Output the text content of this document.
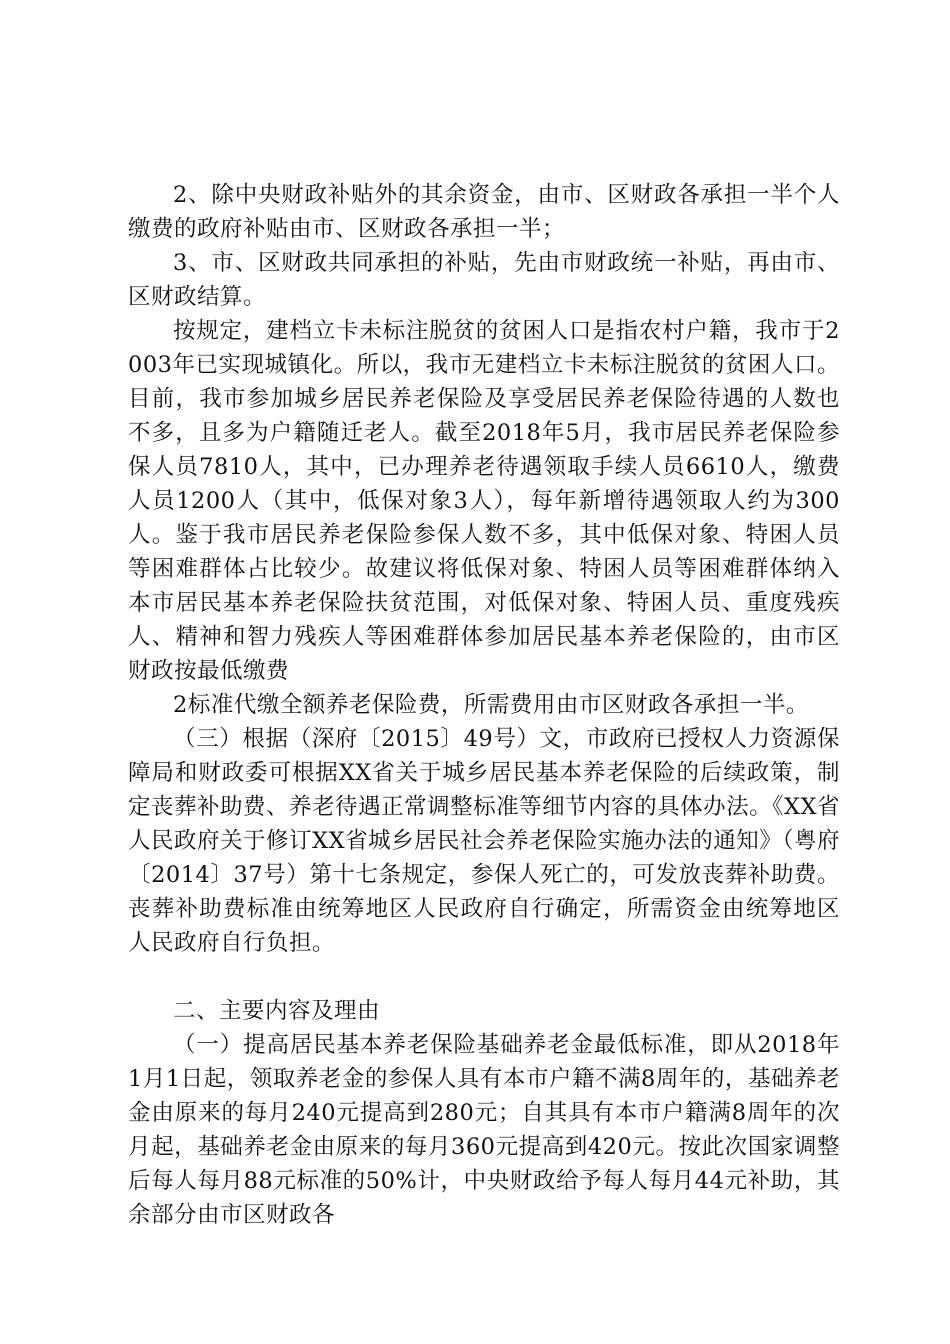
2、除中央财政补贴外的其余资金，由市、区财政各承担一半个人缴费的政府补贴由市、区财政各承担一半；

3、市、区财政共同承担的补贴，先由市财政统一补贴，再由市、区财政结算。

按规定，建档立卡未标注脱贫的贫困人口是指农村户籍，我市于2003年已实现城镇化。所以，我市无建档立卡未标注脱贫的贫困人口。目前，我市参加城乡居民养老保险及享受居民养老保险待遇的人数也不多，且多为户籍随迁老人。截至2018年5月，我市居民养老保险参保人员7810人，其中，已办理养老待遇领取手续人员6610人，缴费人员1200人（其中，低保对象3人），每年新增待遇领取人约为300人。鉴于我市居民养老保险参保人数不多，其中低保对象、特困人员等困难群体占比较少。故建议将低保对象、特困人员等困难群体纳入本市居民基本养老保险扶贫范围，对低保对象、特困人员、重度残疾人、精神和智力残疾人等困难群体参加居民基本养老保险的，由市区财政按最低缴费

2标准代缴全额养老保险费，所需费用由市区财政各承担一半。

（三）根据（深府〔2015〕49号）文，市政府已授权人力资源保障局和财政委可根据XX省关于城乡居民基本养老保险的后续政策，制定丧葬补助费、养老待遇正常调整标准等细节内容的具体办法。《XX省人民政府关于修订XX省城乡居民社会养老保险实施办法的通知》（粤府〔2014〕37号）第十七条规定，参保人死亡的，可发放丧葬补助费。丧葬补助费标准由统筹地区人民政府自行确定，所需资金由统筹地区人民政府自行负担。

二、主要内容及理由

（一）提高居民基本养老保险基础养老金最低标准，即从2018年1月1日起，领取养老金的参保人具有本市户籍不满8周年的，基础养老金由原来的每月240元提高到280元；自其具有本市户籍满8周年的次月起，基础养老金由原来的每月360元提高到420元。按此次国家调整后每人每月88元标准的50%计，中央财政给予每人每月44元补助，其余部分由市区财政各
